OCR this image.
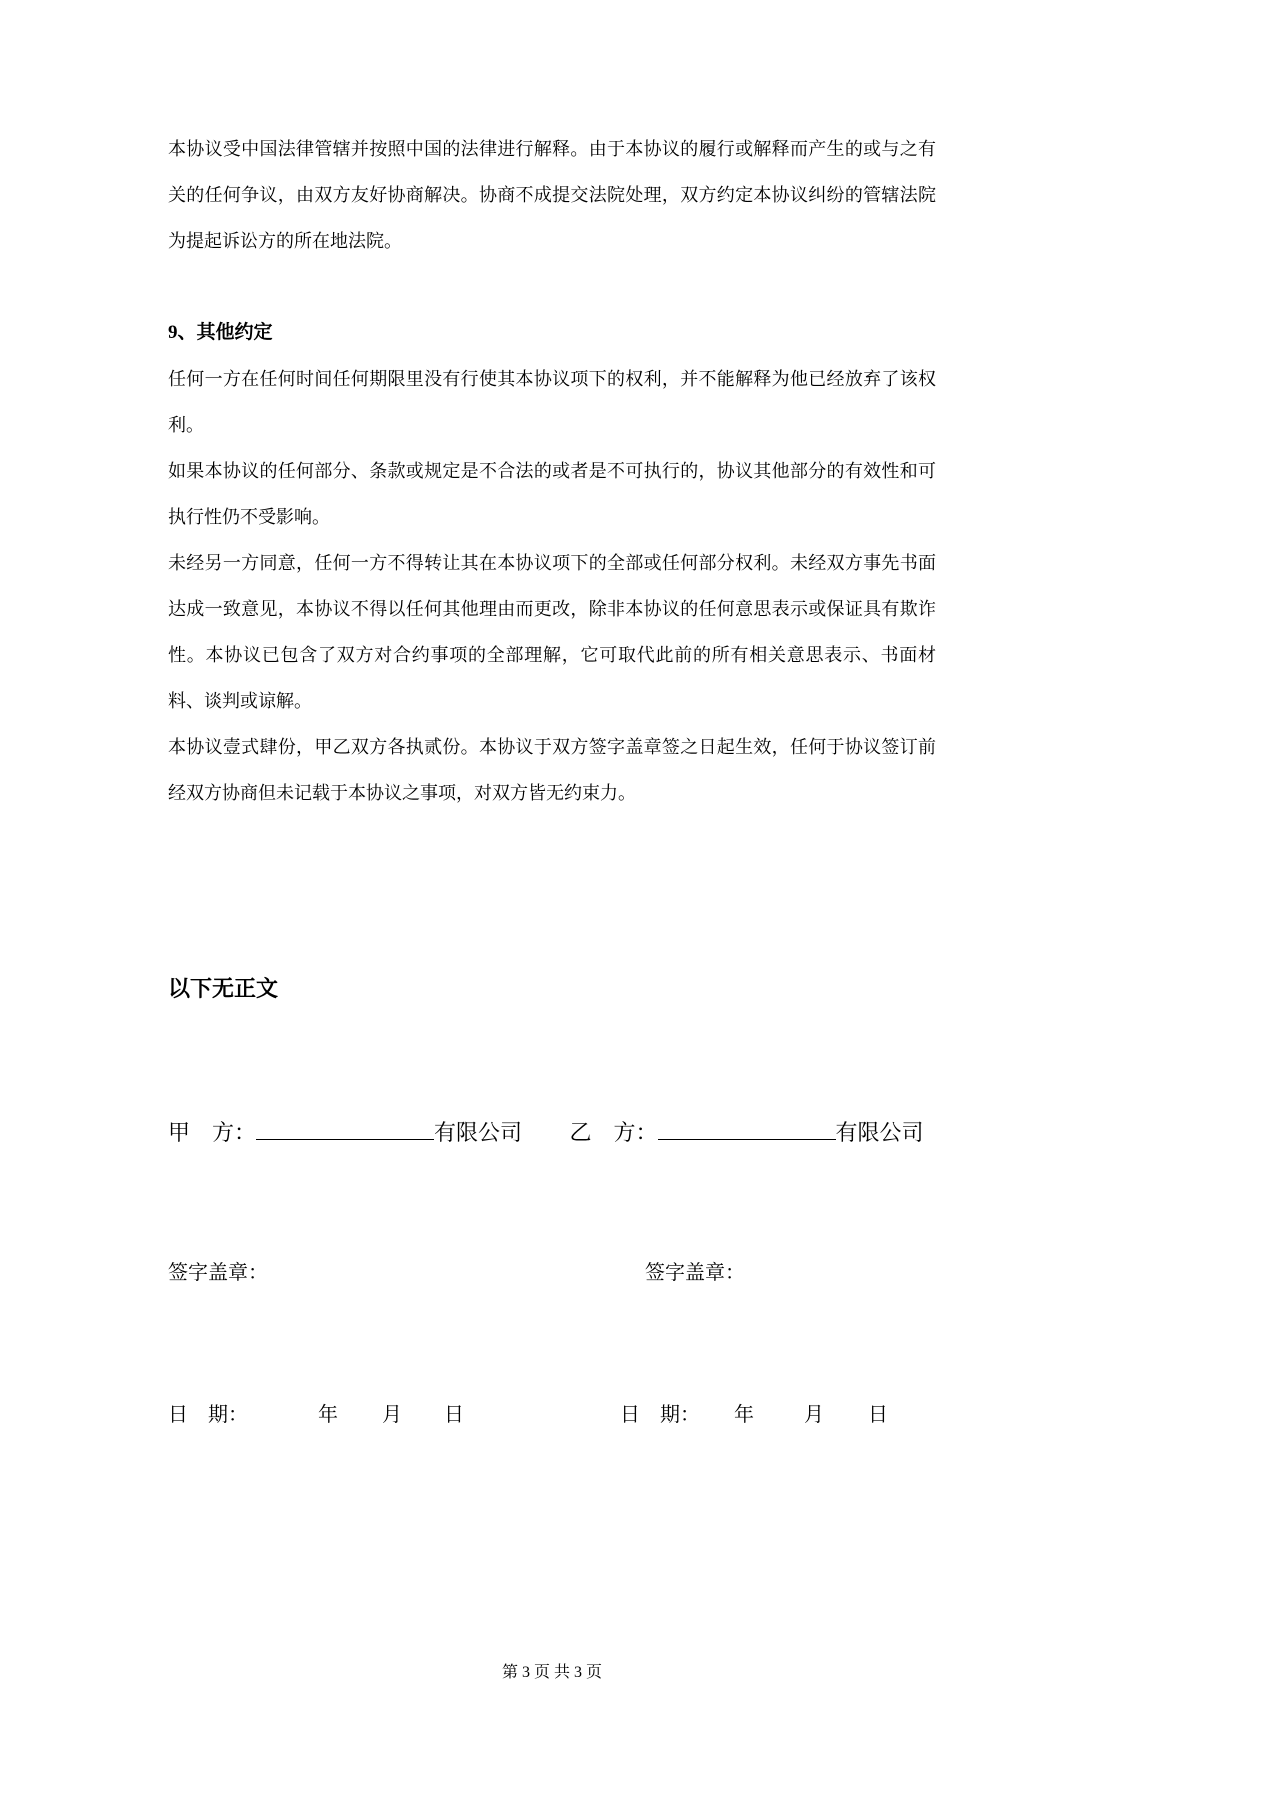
本协议受中国法律管辖并按照中国的法律进行解释。由于本协议的履行或解释而产生的或与之有关的任何争议，由双方友好协商解决。协商不成提交法院处理，双方约定本协议纠纷的管辖法院为提起诉讼方的所在地法院。

9、其他约定

任何一方在任何时间任何期限里没有行使其本协议项下的权利，并不能解释为他已经放弃了该权利。

如果本协议的任何部分、条款或规定是不合法的或者是不可执行的，协议其他部分的有效性和可执行性仍不受影响。

未经另一方同意，任何一方不得转让其在本协议项下的全部或任何部分权利。未经双方事先书面达成一致意见，本协议不得以任何其他理由而更改，除非本协议的任何意思表示或保证具有欺诈性。本协议已包含了双方对合约事项的全部理解，它可取代此前的所有相关意思表示、书面材料、谈判或谅解。

本协议壹式肆份，甲乙双方各执贰份。本协议于双方签字盖章签之日起生效，任何于协议签订前经双方协商但未记载于本协议之事项，对双方皆无约束力。

以下无正文

甲　方：	有限公司 乙　方：	有限公司
签字盖章：	签字盖章：
日　期：	年 月 日	日　期： 年	月 日
第 3 页 共 3 页
